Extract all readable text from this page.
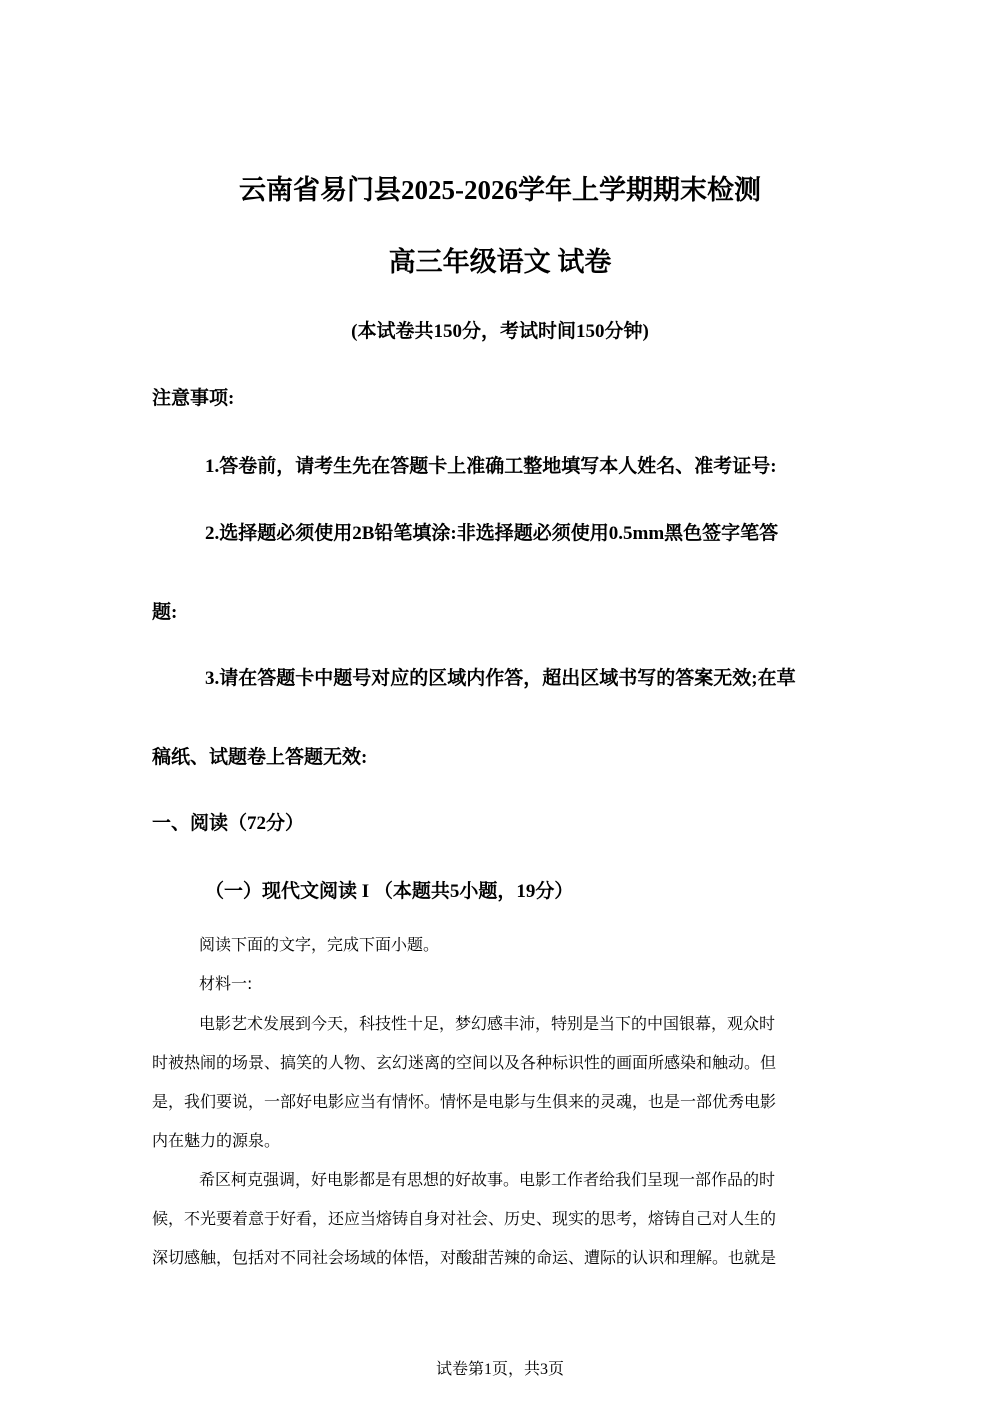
云南省易门县2025-2026学年上学期期末检测
高三年级语文 试卷
(本试卷共150分，考试时间150分钟)
注意事项:
1.答卷前，请考生先在答题卡上准确工整地填写本人姓名、准考证号:
2.选择题必须使用2B铅笔填涂:非选择题必须使用0.5mm黑色签字笔答
题:
3.请在答题卡中题号对应的区域内作答，超出区域书写的答案无效;在草
稿纸、试题卷上答题无效:
一、阅读（72分）
（一）现代文阅读 I （本题共5小题，19分）
阅读下面的文字，完成下面小题。
材料一:
电影艺术发展到今天，科技性十足，梦幻感丰沛，特别是当下的中国银幕，观众时
时被热闹的场景、搞笑的人物、玄幻迷离的空间以及各种标识性的画面所感染和触动。但
是，我们要说，一部好电影应当有情怀。情怀是电影与生俱来的灵魂，也是一部优秀电影
内在魅力的源泉。
希区柯克强调，好电影都是有思想的好故事。电影工作者给我们呈现一部作品的时
候，不光要着意于好看，还应当熔铸自身对社会、历史、现实的思考，熔铸自己对人生的
深切感触，包括对不同社会场域的体悟，对酸甜苦辣的命运、遭际的认识和理解。也就是
试卷第1页，共3页
